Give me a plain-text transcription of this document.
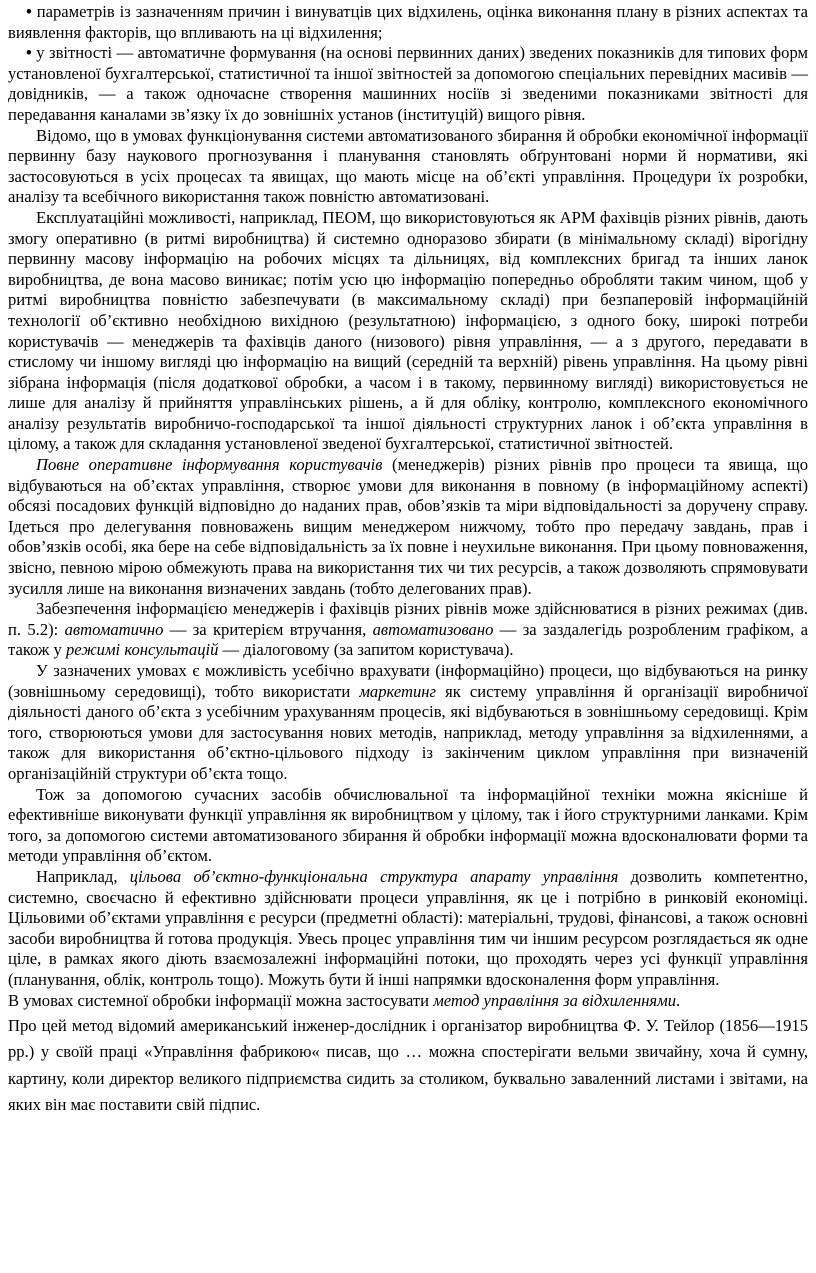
• параметрів із зазначенням причин і винуватців цих відхилень, оцінка виконання плану в різних аспектах та виявлення факторів, що впливають на ці відхилення;

• у звітності — автоматичне формування (на основі первинних даних) зведених показників для типових форм установленої бухгалтерської, статистичної та іншої звітностей за допомогою спеціальних перевідних масивів — довідників, — а також одночасне створення машинних носіїв зі зведеними показниками звітності для передавання каналами зв’язку їх до зовнішніх установ (інституцій) вищого рівня.

Відомо, що в умовах функціонування системи автоматизованого збирання й обробки економічної інформації первинну базу наукового прогнозування і планування становлять обґрунтовані норми й нормативи, які застосовуються в усіх процесах та явищах, що мають місце на об’єкті управління. Процедури їх розробки, аналізу та всебічного використання також повністю автоматизовані.

Експлуатаційні можливості, наприклад, ПЕОМ, що використовуються як АРМ фахівців різних рівнів, дають змогу оперативно (в ритмі виробництва) й системно одноразово збирати (в мінімальному складі) вірогідну первинну масову інформацію на робочих місцях та дільницях, від комплексних бригад та інших ланок виробництва, де вона масово виникає; потім усю цю інформацію попередньо обробляти таким чином, щоб у ритмі виробництва повністю забезпечувати (в максимальному складі) при безпаперовій інформаційній технології об’єктивно необхідною вихідною (результатною) інформацією, з одного боку, широкі потреби користувачів — менеджерів та фахівців даного (низового) рівня управління, — а з другого, передавати в стислому чи іншому вигляді цю інформацію на вищий (середній та верхній) рівень управління. На цьому рівні зібрана інформація (після додаткової обробки, а часом і в такому, первинному вигляді) використовується не лише для аналізу й прийняття управлінських рішень, а й для обліку, контролю, комплексного економічного аналізу результатів виробничо-господарської та іншої діяльності структурних ланок і об’єкта управління в цілому, а також для складання установленої зведеної бухгалтерської, статистичної звітностей.

Повне оперативне інформування користувачів (менеджерів) різних рівнів про процеси та явища, що відбуваються на об’єктах управління, створює умови для виконання в повному (в інформаційному аспекті) обсязі посадових функцій відповідно до наданих прав, обов’язків та міри відповідальності за доручену справу. Ідеться про делегування повноважень вищим менеджером нижчому, тобто про передачу завдань, прав і обов’язків особі, яка бере на себе відповідальність за їх повне і неухильне виконання. При цьому повноваження, звісно, певною мірою обмежують права на використання тих чи тих ресурсів, а також дозволяють спрямовувати зусилля лише на виконання визначених завдань (тобто делегованих прав).

Забезпечення інформацією менеджерів і фахівців різних рівнів може здійснюватися в різних режимах (див. п. 5.2): автоматично — за критерієм втручання, автоматизовано — за заздалегідь розробленим графіком, а також у режимі консультацій — діалоговому (за запитом користувача).

У зазначених умовах є можливість усебічно врахувати (інформаційно) процеси, що відбуваються на ринку (зовнішньому середовищі), тобто використати маркетинг як систему управління й організації виробничої діяльності даного об’єкта з усебічним урахуванням процесів, які відбуваються в зовнішньому середовищі. Крім того, створюються умови для застосування нових методів, наприклад, методу управління за відхиленнями, а також для використання об’єктно-цільового підходу із закінченим циклом управління при визначеній організаційній структури об’єкта тощо.

Тож за допомогою сучасних засобів обчислювальної та інформаційної техніки можна якісніше й ефективніше виконувати функції управління як виробництвом у цілому, так і його структурними ланками. Крім того, за допомогою системи автоматизованого збирання й обробки інформації можна вдосконалювати форми та методи управління об’єктом.

Наприклад, цільова об’єктно-функціональна структура апарату управління дозволить компетентно, системно, своєчасно й ефективно здійснювати процеси управління, як це і потрібно в ринковій економіці. Цільовими об’єктами управління є ресурси (предметні області): матеріальні, трудові, фінансові, а також основні засоби виробництва й готова продукція. Увесь процес управління тим чи іншим ресурсом розглядається як одне ціле, в рамках якого діють взаємозалежні інформаційні потоки, що проходять через усі функції управління (планування, облік, контроль тощо). Можуть бути й інші напрямки вдосконалення форм управління.

В умовах системної обробки інформації можна застосувати метод управління за відхиленнями.

Про цей метод відомий американський інженер-дослідник і організатор виробництва Ф. У. Тейлор (1856—1915 рр.) у своїй праці «Управління фабрикою« писав, що … можна спостерігати вельми звичайну, хоча й сумну, картину, коли директор великого підприємства сидить за столиком, буквально заваленний листами і звітами, на яких він має поставити свій підпис.
